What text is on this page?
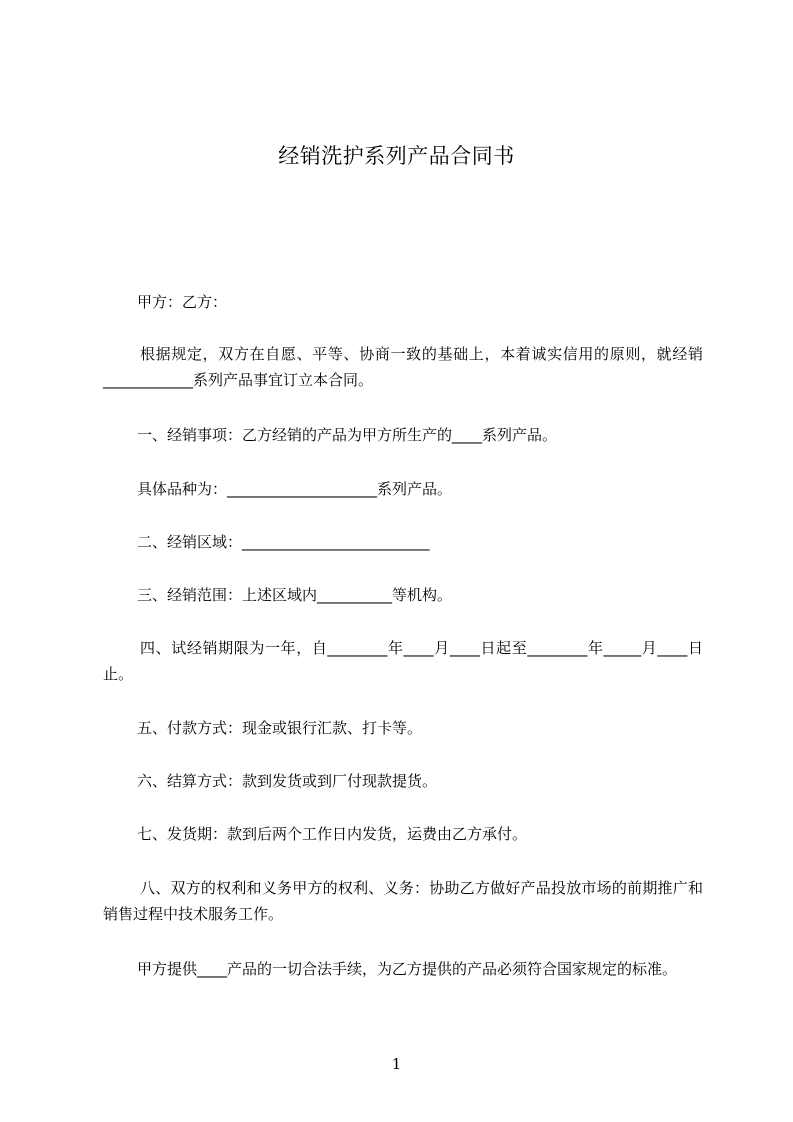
经销洗护系列产品合同书

甲方：乙方：

根据规定，双方在自愿、平等、协商一致的基础上，本着诚实信用的原则，就经销____________系列产品事宜订立本合同。

一、经销事项：乙方经销的产品为甲方所生产的____系列产品。

具体品种为：____________________系列产品。

二、经销区域：_________________________

三、经销范围：上述区域内__________等机构。

四、试经销期限为一年，自________年____月____日起至________年_____月____日止。

五、付款方式：现金或银行汇款、打卡等。

六、结算方式：款到发货或到厂付现款提货。

七、发货期：款到后两个工作日内发货，运费由乙方承付。

八、双方的权利和义务甲方的权利、义务：协助乙方做好产品投放市场的前期推广和销售过程中技术服务工作。

甲方提供____产品的一切合法手续，为乙方提供的产品必须符合国家规定的标准。

1
